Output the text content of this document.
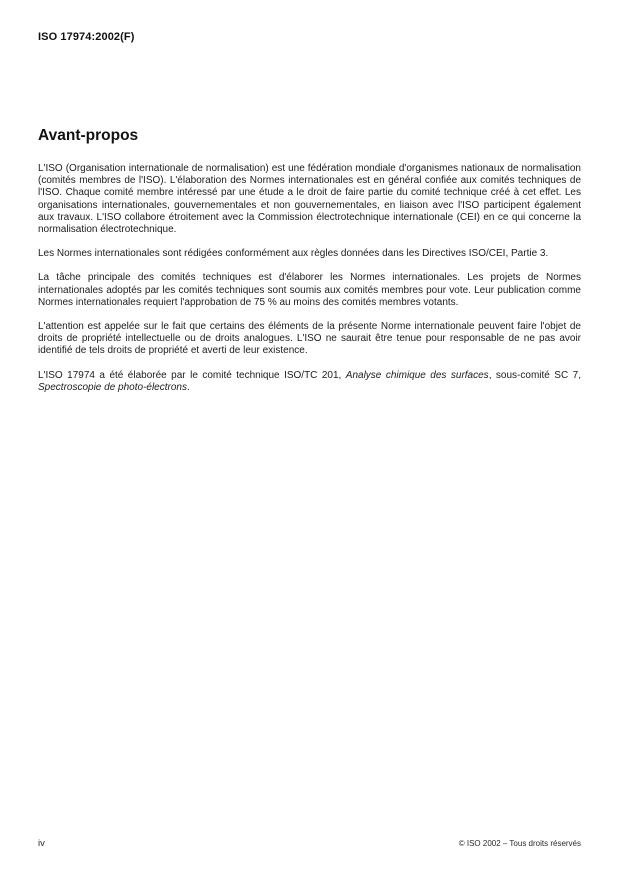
ISO 17974:2002(F)
Avant-propos

L'ISO (Organisation internationale de normalisation) est une fédération mondiale d'organismes nationaux de normalisation (comités membres de l'ISO). L'élaboration des Normes internationales est en général confiée aux comités techniques de l'ISO. Chaque comité membre intéressé par une étude a le droit de faire partie du comité technique créé à cet effet. Les organisations internationales, gouvernementales et non gouvernementales, en liaison avec l'ISO participent également aux travaux. L'ISO collabore étroitement avec la Commission électrotechnique internationale (CEI) en ce qui concerne la normalisation électrotechnique.

Les Normes internationales sont rédigées conformément aux règles données dans les Directives ISO/CEI, Partie 3.

La tâche principale des comités techniques est d'élaborer les Normes internationales. Les projets de Normes internationales adoptés par les comités techniques sont soumis aux comités membres pour vote. Leur publication comme Normes internationales requiert l'approbation de 75 % au moins des comités membres votants.

L'attention est appelée sur le fait que certains des éléments de la présente Norme internationale peuvent faire l'objet de droits de propriété intellectuelle ou de droits analogues. L'ISO ne saurait être tenue pour responsable de ne pas avoir identifié de tels droits de propriété et averti de leur existence.

L'ISO 17974 a été élaborée par le comité technique ISO/TC 201, Analyse chimique des surfaces, sous-comité SC 7, Spectroscopie de photo-électrons.

iv	© ISO 2002 – Tous droits réservés
